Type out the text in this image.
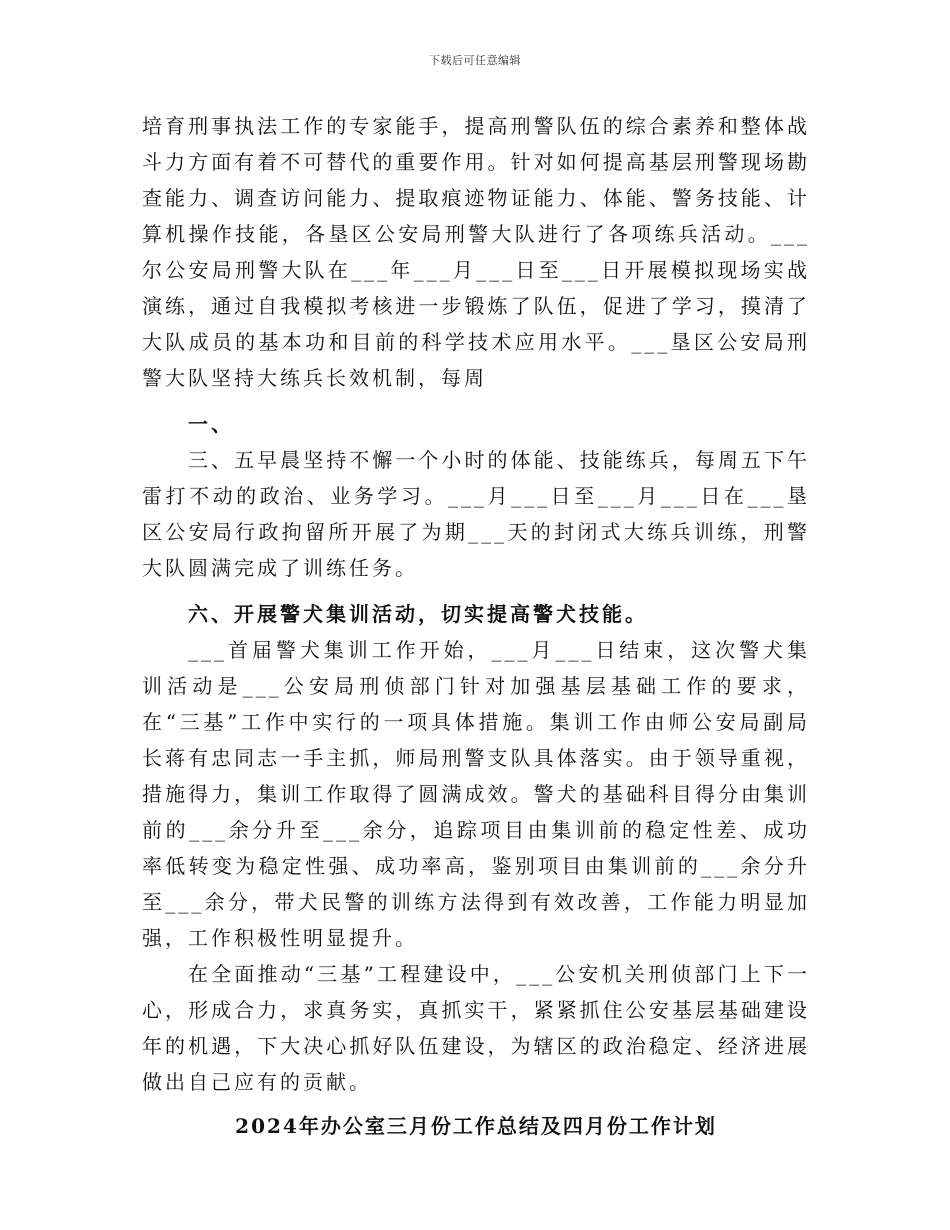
下载后可任意编辑

培育刑事执法工作的专家能手，提高刑警队伍的综合素养和整体战斗力方面有着不可替代的重要作用。针对如何提高基层刑警现场勘查能力、调查访问能力、提取痕迹物证能力、体能、警务技能、计算机操作技能，各垦区公安局刑警大队进行了各项练兵活动。___尔公安局刑警大队在___年___月___日至___日开展模拟现场实战演练，通过自我模拟考核进一步锻炼了队伍，促进了学习，摸清了大队成员的基本功和目前的科学技术应用水平。___垦区公安局刑警大队坚持大练兵长效机制，每周

一、

三、五早晨坚持不懈一个小时的体能、技能练兵，每周五下午雷打不动的政治、业务学习。___月___日至___月___日在___垦区公安局行政拘留所开展了为期___天的封闭式大练兵训练，刑警大队圆满完成了训练任务。

六、开展警犬集训活动，切实提高警犬技能。

___首届警犬集训工作开始，___月___日结束，这次警犬集训活动是___公安局刑侦部门针对加强基层基础工作的要求，在“三基”工作中实行的一项具体措施。集训工作由师公安局副局长蒋有忠同志一手主抓，师局刑警支队具体落实。由于领导重视，措施得力，集训工作取得了圆满成效。警犬的基础科目得分由集训前的___余分升至___余分，追踪项目由集训前的稳定性差、成功率低转变为稳定性强、成功率高，鉴别项目由集训前的___余分升至___余分，带犬民警的训练方法得到有效改善，工作能力明显加强，工作积极性明显提升。

在全面推动“三基”工程建设中，___公安机关刑侦部门上下一心，形成合力，求真务实，真抓实干，紧紧抓住公安基层基础建设年的机遇，下大决心抓好队伍建设，为辖区的政治稳定、经济进展做出自己应有的贡献。

2024年办公室三月份工作总结及四月份工作计划
